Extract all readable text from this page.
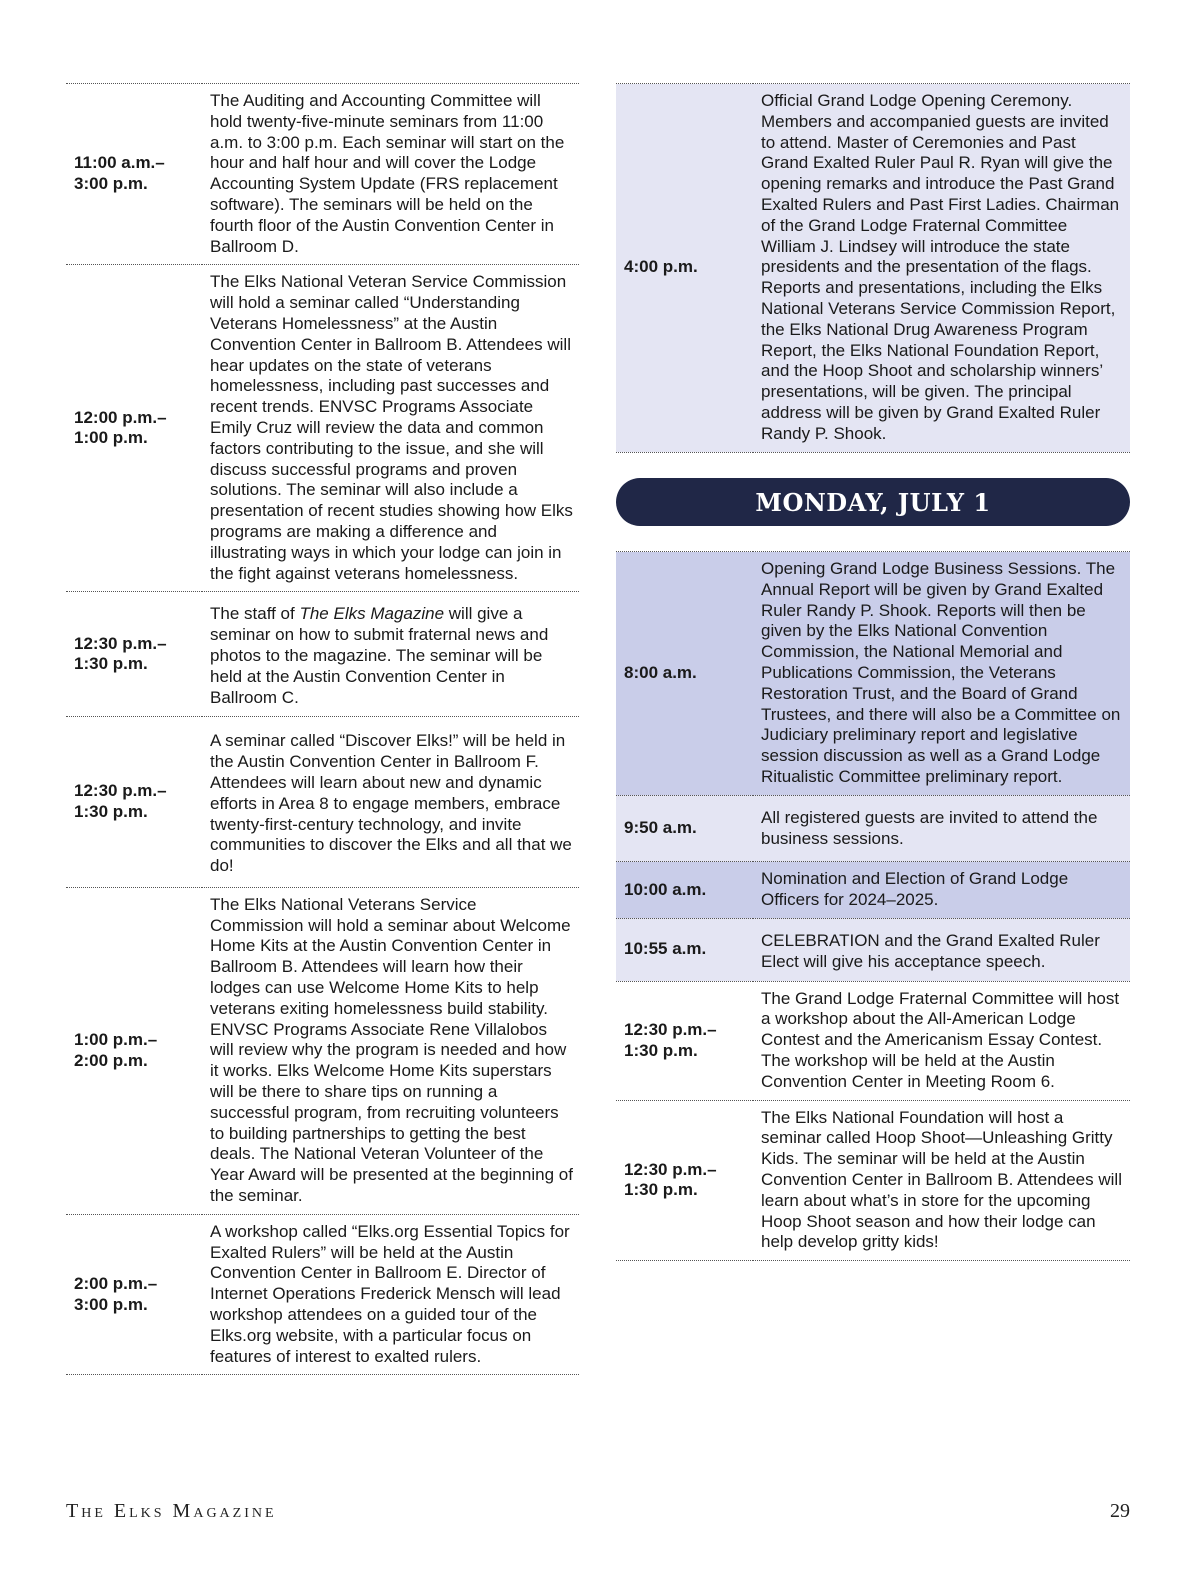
11:00 a.m.–
3:00 p.m.	The Auditing and Accounting Committee will hold twenty-five-minute seminars from 11:00 a.m. to 3:00 p.m. Each seminar will start on the hour and half hour and will cover the Lodge Accounting System Update (FRS replacement software). The seminars will be held on the fourth floor of the Austin Convention Center in Ballroom D.
12:00 p.m.–
1:00 p.m.	The Elks National Veteran Service Commission will hold a seminar called “Understanding Veterans Homelessness” at the Austin Convention Center in Ballroom B. Attendees will hear updates on the state of veterans homelessness, including past successes and recent trends. ENVSC Programs Associate Emily Cruz will review the data and common factors contributing to the issue, and she will discuss successful programs and proven solutions. The seminar will also include a presentation of recent studies showing how Elks programs are making a difference and illustrating ways in which your lodge can join in the fight against veterans homelessness.
12:30 p.m.–
1:30 p.m.	The staff of The Elks Magazine will give a seminar on how to submit fraternal news and photos to the magazine. The seminar will be held at the Austin Convention Center in Ballroom C.
12:30 p.m.–
1:30 p.m.	A seminar called “Discover Elks!” will be held in the Austin Convention Center in Ballroom F. Attendees will learn about new and dynamic efforts in Area 8 to engage members, embrace twenty-first-century technology, and invite communities to discover the Elks and all that we do!
1:00 p.m.–
2:00 p.m.	The Elks National Veterans Service Commission will hold a seminar about Welcome Home Kits at the Austin Convention Center in Ballroom B. Attendees will learn how their lodges can use Welcome Home Kits to help veterans exiting homelessness build stability. ENVSC Programs Associate Rene Villalobos will review why the program is needed and how it works. Elks Welcome Home Kits superstars will be there to share tips on running a successful program, from recruiting volunteers to building partnerships to getting the best deals. The National Veteran Volunteer of the Year Award will be presented at the beginning of the seminar.
2:00 p.m.–
3:00 p.m.	A workshop called “Elks.org Essential Topics for Exalted Rulers” will be held at the Austin Convention Center in Ballroom E. Director of Internet Operations Frederick Mensch will lead workshop attendees on a guided tour of the Elks.org website, with a particular focus on features of interest to exalted rulers.
4:00 p.m.	Official Grand Lodge Opening Ceremony. Members and accompanied guests are invited to attend. Master of Ceremonies and Past Grand Exalted Ruler Paul R. Ryan will give the opening remarks and introduce the Past Grand Exalted Rulers and Past First Ladies. Chairman of the Grand Lodge Fraternal Committee William J. Lindsey will introduce the state presidents and the presentation of the flags. Reports and presentations, including the Elks National Veterans Service Commission Report, the Elks National Drug Awareness Program Report, the Elks National Foundation Report, and the Hoop Shoot and scholarship winners’ presentations, will be given. The principal address will be given by Grand Exalted Ruler Randy P. Shook.
MONDAY, JULY 1
8:00 a.m.	Opening Grand Lodge Business Sessions. The Annual Report will be given by Grand Exalted Ruler Randy P. Shook. Reports will then be given by the Elks National Convention Commission, the National Memorial and Publications Commission, the Veterans Restoration Trust, and the Board of Grand Trustees, and there will also be a Committee on Judiciary preliminary report and legislative session discussion as well as a Grand Lodge Ritualistic Committee preliminary report.
9:50 a.m.	All registered guests are invited to attend the business sessions.
10:00 a.m.	Nomination and Election of Grand Lodge Officers for 2024–2025.
10:55 a.m.	CELEBRATION and the Grand Exalted Ruler Elect will give his acceptance speech.
12:30 p.m.–
1:30 p.m.	The Grand Lodge Fraternal Committee will host a workshop about the All-American Lodge Contest and the Americanism Essay Contest. The workshop will be held at the Austin Convention Center in Meeting Room 6.
12:30 p.m.–
1:30 p.m.	The Elks National Foundation will host a seminar called Hoop Shoot—Unleashing Gritty Kids. The seminar will be held at the Austin Convention Center in Ballroom B. Attendees will learn about what’s in store for the upcoming Hoop Shoot season and how their lodge can help develop gritty kids!
The Elks Magazine	29
